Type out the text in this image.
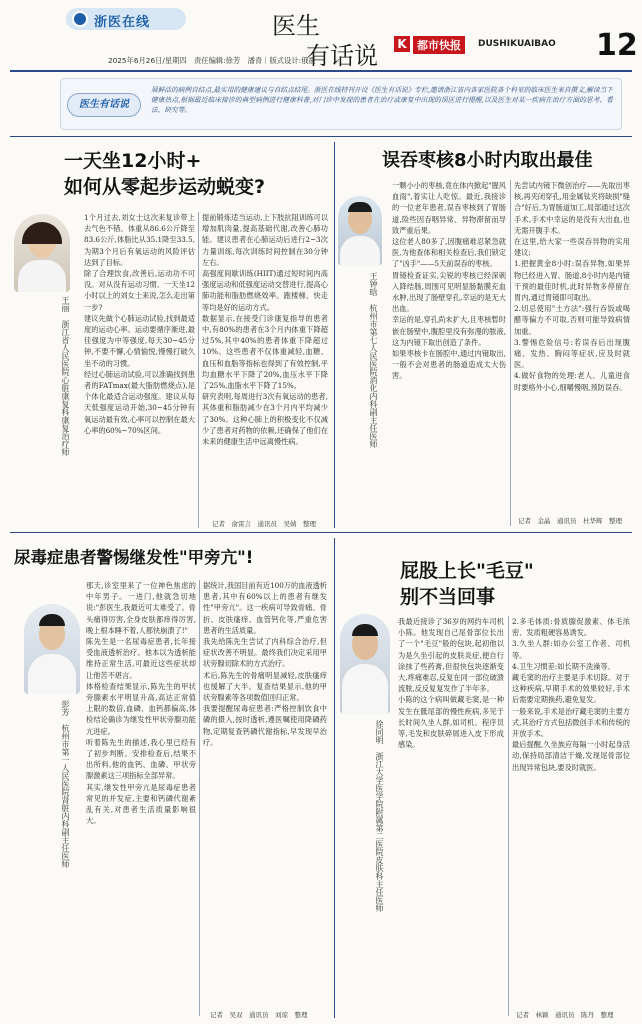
浙医在线	医生
有话说 K 都市快报	DUSHIKUAIBAO 12
2025年6月26日/星期四　责任编辑:徐芳　潘青｜版式设计:俄震
医生有话说
展鲜活的病例自结点,最实用的健康建议与自结点结尾。浙医在线特刊开设《医生有话说》专栏,邀请浙江省内各家医院各个科室的临床医生来自撰文,解读当下健康热点,根据最近临床接诊的典型病例进行健康科普,对门诊中发现的患者在治疗或康复中出现的误区进行提醒,以及医生对某一疾病在治疗方面的思考、看法、研究等。
一天坐12小时+
如何从零起步运动蜕变?
王丽　浙江省人民医院心脏康复科康复治疗师
1个月过去,刘女士这次来复诊带上去气色不错。体重从86.6公斤降至83.6公斤,体脂比从35.1降至33.5,为期3个月后有氧运动的风险评估达到了目标。
除了合理饮食,改善后,运动功不可没。对从没有运动习惯、一天坐12小时以上的刘女士来说,怎么走出第一步?
建议先做个心肺运动试验,找到最适度的运动心率。运动要循序渐进,最佳强度为中等强度,每天30~45分钟,不要不懈,心情愉悦,慢慢打破久坐不动的习惯。
经过心肺运动试验,可以准确找到患者的FATmax(最大脂肪燃烧点),是个体化最适合运动强度。建议从每天低强度运动开始,30~45分钟有氧运动最有效,心率可以控制在最大心率的60%~70%区间。
提前锻炼适当运动,上下肢抗阻训练可以增加肌肉量,提高基础代谢,改善心肺功能。建议患者在心肺运动后进行2~3次力量训练,每次训练时间控制在30分钟左右。
高强度间歇训练(HIIT)通过短时间内高强度运动和低强度运动交替进行,提高心肺功能和脂肪燃烧效率。跑楼梯、快走等均是好的运动方式。
数据显示,在接受门诊康复指导的患者中,有80%的患者在3个月内体重下降超过5%,其中40%的患者体重下降超过10%。这些患者不仅体重减轻,血糖、血压和血脂等指标也得到了有效控制,平均血糖水平下降了20%,血压水平下降了25%,血脂水平下降了15%。
研究表明,每周进行3次有氧运动的患者,其体重和脂肪减少在3个月内平均减少了30%。这种心肺上的积极变化不仅减少了患者对药物的依赖,还确保了他们在未来的健康生活中远离慢性病。
记者　俞雷言　通讯员　吴婧　整理
误吞枣核8小时内取出最佳
王钟晗　杭州市第七人民医院消化内科副主任医师
一颗小小的枣核,竟在体内掀起"腥风血雨",着实让人吃惊。最近,我接诊的一位老年患者,误吞枣核到了胃肠道,险些因吞咽异常、异物滞留而导致严重后果。
这位老人80多了,因腹痛难忍紧急就医,为他查体和相关检查后,我们锁定了"凶手"——5天前误吞的枣核。
胃镜检查证实,尖锐的枣核已经深刺入降结肠,周围可见明显肠黏膜充血水肿,出现了肠壁穿孔,幸运的是无大出血。
幸运的是,穿孔尚未扩大,且枣核暂时嵌在肠壁中,腹腔里没有弥漫的脓液,这为内镜下取出创造了条件。
如果枣核卡在肠腔中,通过内镜取出,一般不会对患者的肠道造成太大伤害。
先尝试内镜下微创治疗——先取出枣核,再夹闭穿孔,用金属钛夹将缺损"缝合"好后,为胃肠道加工,局部通过这次手术,手术中幸运的是没有大出血,也无需开腹手术。
在这里,给大家一些误吞异物的实用建议:
1.把握黄金8小时:误吞异物,如果异物已经进入胃、肠道,8小时内是内镜干预的最佳时机,此时异物多停留在胃内,通过胃镜即可取出。
2.切忌使用"土方法":强行吞饭或喝醋等偏方不可取,否则可能导致病情加重。
3.警惕危险信号:若误吞后出现腹痛、发热、胸闷等症状,应及时就医。
4.做好食物的处理:老人、儿童进食时要格外小心,细嚼慢咽,预防误吞。
记者　金晶　通讯员　杜华辉　整理
尿毒症患者警惕继发性"甲旁亢"!
彭芳　杭州市第一人民医院肾脏内科副主任医师
那天,诊室里来了一位神色焦虑的中年男子。一进门,他就急切地说:"彭医生,我最近可太难受了。骨头痛得厉害,全身皮肤都痒得厉害,晚上根本睡不着,人都快崩溃了!"
陈先生是一名尿毒症患者,长年接受血液透析治疗。他本以为透析能维持正常生活,可最近这些症状却让他苦不堪言。
体格检查结果显示,陈先生的甲状旁腺素水平明显升高,高达正常值上限的数倍,血磷、血钙都偏高,体检结论确诊为继发性甲状旁腺功能亢进症。
听着陈先生的描述,我心里已经有了初步判断。安排检查后,结果不出所料,他的血钙、血磷、甲状旁腺激素这三项指标全部异常。
其实,继发性甲旁亢是尿毒症患者常见的并发症,主要和钙磷代谢紊乱有关,对患者生活质量影响很大。
据统计,我国目前有近100万的血液透析患者,其中有60%以上的患者有继发性"甲旁亢"。这一疾病可导致骨痛、骨折、皮肤瘙痒、血管钙化等,严重危害患者的生活质量。
我先给陈先生尝试了内科综合治疗,但症状改善不明显。最终我们决定采用甲状旁腺切除术的方式治疗。
术后,陈先生的骨痛明显减轻,皮肤瘙痒也缓解了大半。复查结果显示,他的甲状旁腺素等各项数值回归正常。
我要提醒尿毒症患者:严格控制饮食中磷的摄入,按时透析,遵医嘱使用降磷药物,定期复查钙磷代谢指标,早发现早治疗。
记者　吴双　通讯员　刘琼　整理
屁股上长"毛豆"
别不当回事
徐同明　浙江大学医学院附属第二医院皮肤科主任医师
我最近接诊了36岁的网约车司机小陈。他发现自己尾骨部位长出了一个"毛豆"般的包块,起初他以为是久坐引起的皮肤炎症,便自行涂抹了些药膏,但很快包块逐渐变大,疼痛难忍,反复在同一部位破溃流脓,反反复复发作了半年多。
小陈的这个病叫做藏毛窦,是一种发生在骶尾部的慢性疾病,多见于长时间久坐人群,如司机、程序员等,毛发和皮肤碎屑进入皮下形成感染。
2.多毛体质:骨质腺促激素、体毛浓密、发质粗硬容易诱发。
3.久坐人群:如办公室工作者、司机等。
4.卫生习惯差:如长期不洗澡等。
藏毛窦的治疗主要是手术切除。对于这种疾病,早期手术的效果较好,手术后需要定期换药,避免复发。
一般来说,手术是治疗藏毛窦的主要方式,其治疗方式包括微创手术和传统的开放手术。
最后提醒,久坐族应每隔一小时起身活动,保持局部清洁干燥,发现尾骨部位出现异常包块,要及时就医。
记者　林颖　通讯员　陈丹　整理
